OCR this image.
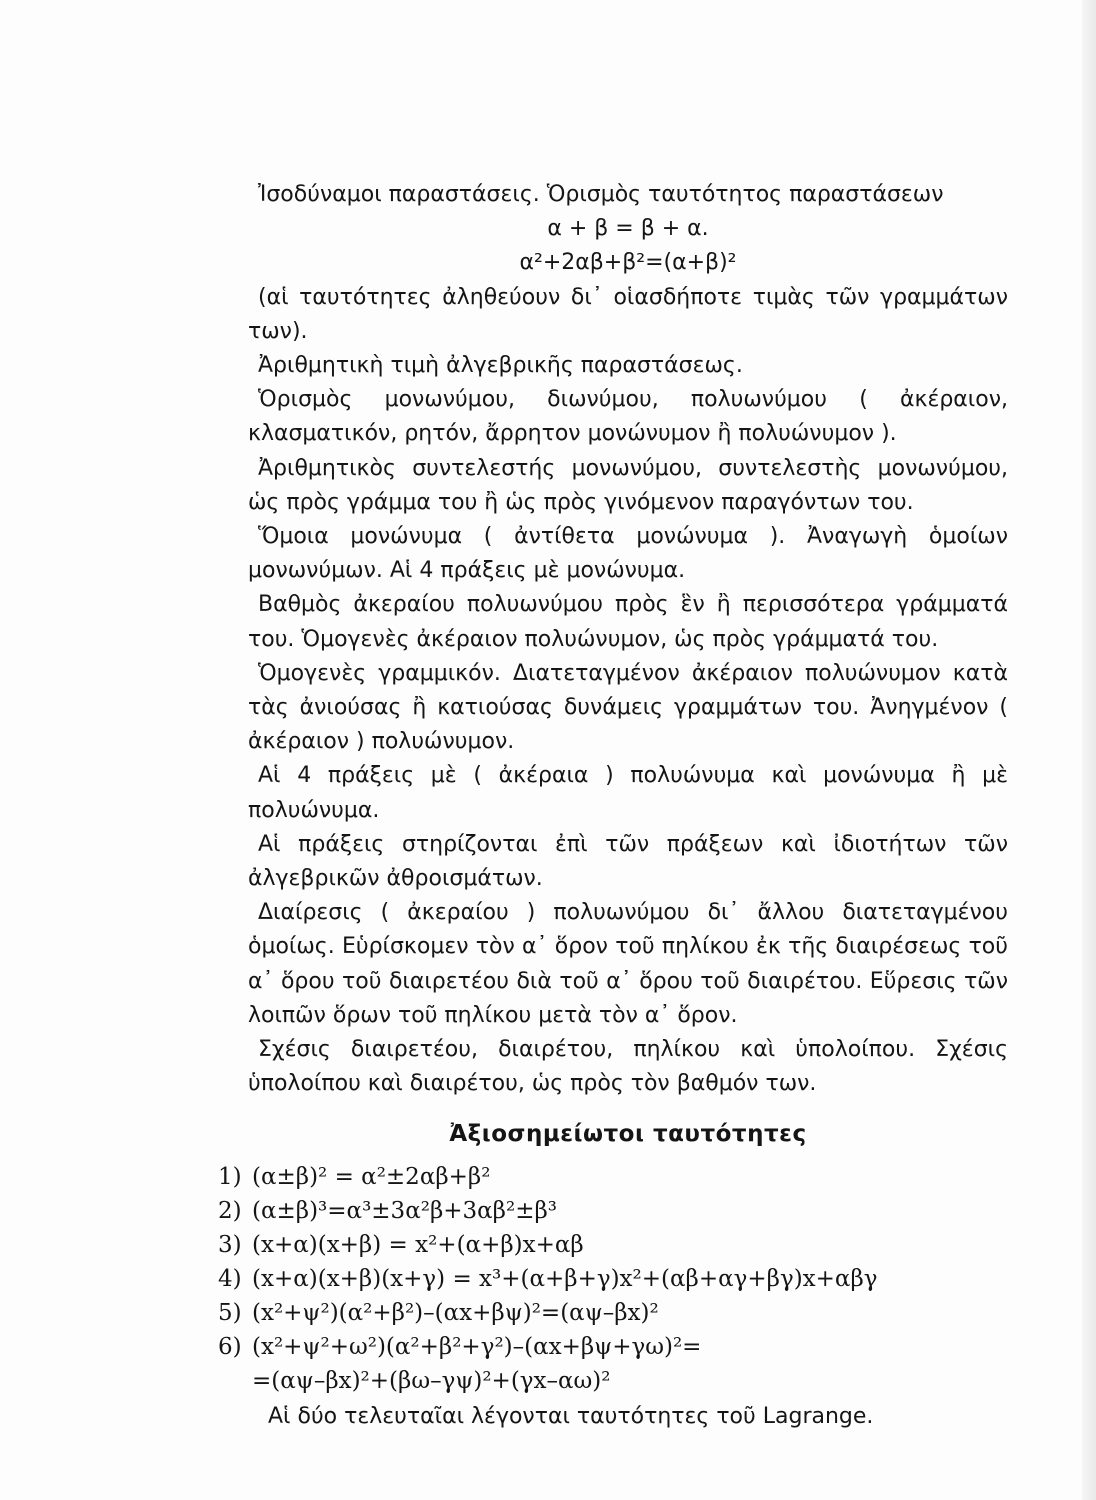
Ἰσοδύναμοι παραστάσεις. Ὁρισμὸς ταυτότητος παραστάσεων

α + β = β + α.

α²+2αβ+β²=(α+β)²

(αἱ ταυτότητες ἀληθεύουν δι᾽ οἱασδήποτε τιμὰς τῶν γραμμάτων των).

Ἀριθμητικὴ τιμὴ ἀλγεβρικῆς παραστάσεως.

Ὁρισμὸς μονωνύμου, διωνύμου, πολυωνύμου ( ἀκέραιον, κλασματικόν, ρητόν, ἄρρητον μονώνυμον ἢ πολυώνυμον ).

Ἀριθμητικὸς συντελεστής μονωνύμου, συντελεστὴς μονωνύμου, ὡς πρὸς γράμμα του ἢ ὡς πρὸς γινόμενον παραγόντων του.

Ὅμοια μονώνυμα ( ἀντίθετα μονώνυμα ). Ἀναγωγὴ ὁμοίων μονωνύμων. Αἱ 4 πράξεις μὲ μονώνυμα.

Βαθμὸς ἀκεραίου πολυωνύμου πρὸς ἓν ἢ περισσότερα γράμματά του. Ὁμογενὲς ἀκέραιον πολυώνυμον, ὡς πρὸς γράμματά του.

Ὁμογενὲς γραμμικόν. Διατεταγμένον ἀκέραιον πολυώνυμον κατὰ τὰς ἀνιούσας ἢ κατιούσας δυνάμεις γραμμάτων του. Ἀνηγμένον ( ἀκέραιον ) πολυώνυμον.

Αἱ 4 πράξεις μὲ ( ἀκέραια ) πολυώνυμα καὶ μονώνυμα ἢ μὲ πολυώνυμα.

Αἱ πράξεις στηρίζονται ἐπὶ τῶν πράξεων καὶ ἰδιοτήτων τῶν ἀλγεβρικῶν ἀθροισμάτων.

Διαίρεσις ( ἀκεραίου ) πολυωνύμου δι᾽ ἄλλου διατεταγμένου ὁμοίως. Εὑρίσκομεν τὸν α᾽ ὅρον τοῦ πηλίκου ἐκ τῆς διαιρέσεως τοῦ α᾽ ὅρου τοῦ διαιρετέου διὰ τοῦ α᾽ ὅρου τοῦ διαιρέτου. Εὕρεσις τῶν λοιπῶν ὅρων τοῦ πηλίκου μετὰ τὸν α᾽ ὅρον.

Σχέσις διαιρετέου, διαιρέτου, πηλίκου καὶ ὑπολοίπου. Σχέσις ὑπολοίπου καὶ διαιρέτου, ὡς πρὸς τὸν βαθμόν των.

Ἀξιοσημείωτοι ταυτότητες
1) (α±β)² = α²±2αβ+β²
2) (α±β)³=α³±3α²β+3αβ²±β³
3) (x+α)(x+β) = x²+(α+β)x+αβ
4) (x+α)(x+β)(x+γ) = x³+(α+β+γ)x²+(αβ+αγ+βγ)x+αβγ
5) (x²+ψ²)(α²+β²)–(αx+βψ)²=(αψ–βx)²
6) (x²+ψ²+ω²)(α²+β²+γ²)–(αx+βψ+γω)²=
=(αψ–βx)²+(βω–γψ)²+(γx–αω)²

Αἱ δύο τελευταῖαι λέγονται ταυτότητες τοῦ Lagrange.
